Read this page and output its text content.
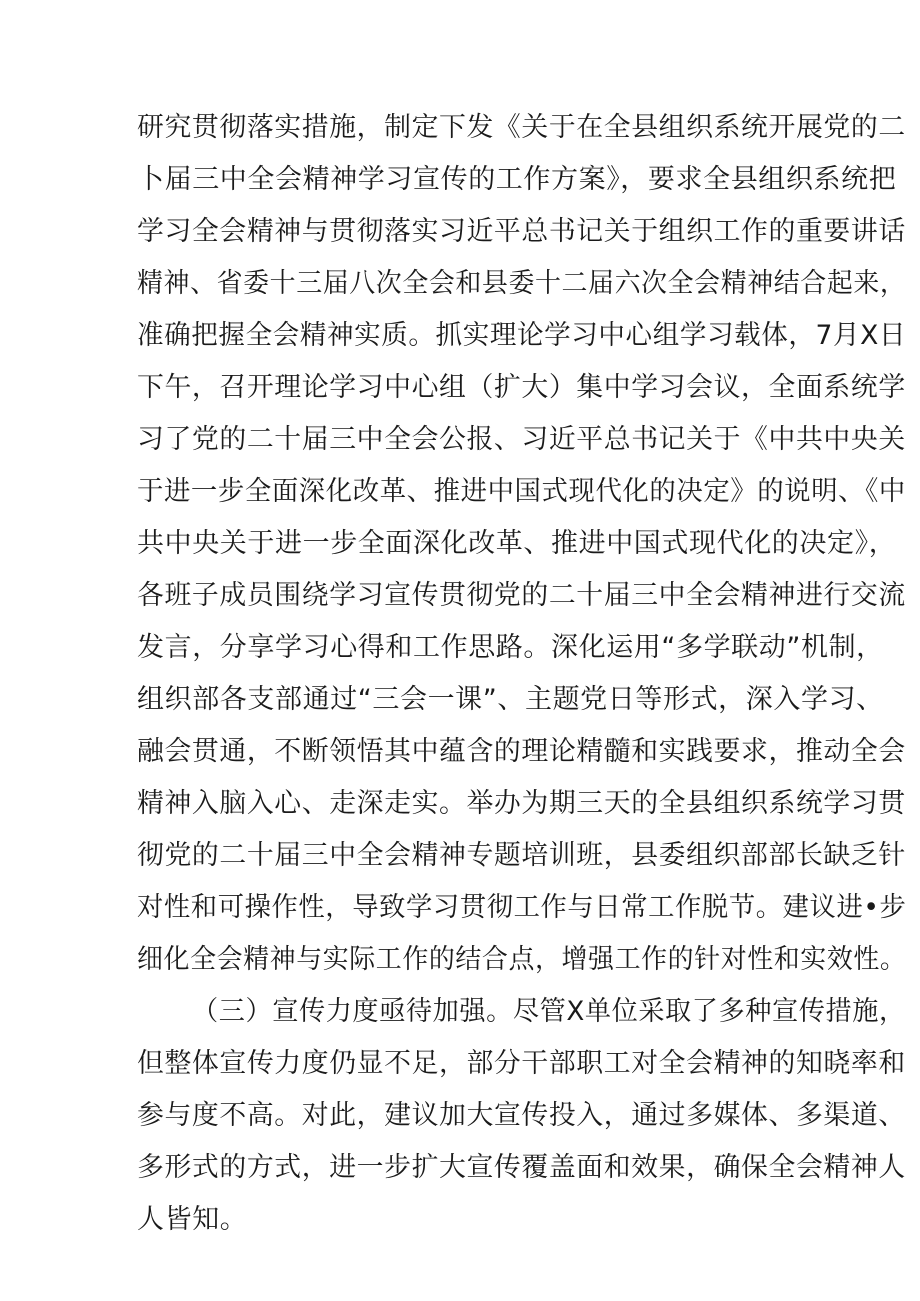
研究贯彻落实措施，制定下发《关于在全县组织系统开展党的二
卜届三中全会精神学习宣传的工作方案》，要求全县组织系统把
学习全会精神与贯彻落实习近平总书记关于组织工作的重要讲话
精神、省委十三届八次全会和县委十二届六次全会精神结合起来，
准确把握全会精神实质。抓实理论学习中心组学习载体，7月X日
下午，召开理论学习中心组（扩大）集中学习会议，全面系统学
习了党的二十届三中全会公报、习近平总书记关于《中共中央关
于进一步全面深化改革、推进中国式现代化的决定》的说明、《中
共中央关于进一步全面深化改革、推进中国式现代化的决定》，
各班子成员围绕学习宣传贯彻党的二十届三中全会精神进行交流
发言，分享学习心得和工作思路。深化运用“多学联动”机制，
组织部各支部通过“三会一课”、主题党日等形式，深入学习、
融会贯通，不断领悟其中蕴含的理论精髓和实践要求，推动全会
精神入脑入心、走深走实。举办为期三天的全县组织系统学习贯
彻党的二十届三中全会精神专题培训班，县委组织部部长缺乏针
对性和可操作性，导致学习贯彻工作与日常工作脱节。建议进•步
细化全会精神与实际工作的结合点，增强工作的针对性和实效性。
（三）宣传力度亟待加强。尽管X单位采取了多种宣传措施，
但整体宣传力度仍显不足，部分干部职工对全会精神的知晓率和
参与度不高。对此，建议加大宣传投入，通过多媒体、多渠道、
多形式的方式，进一步扩大宣传覆盖面和效果，确保全会精神人
人皆知。
